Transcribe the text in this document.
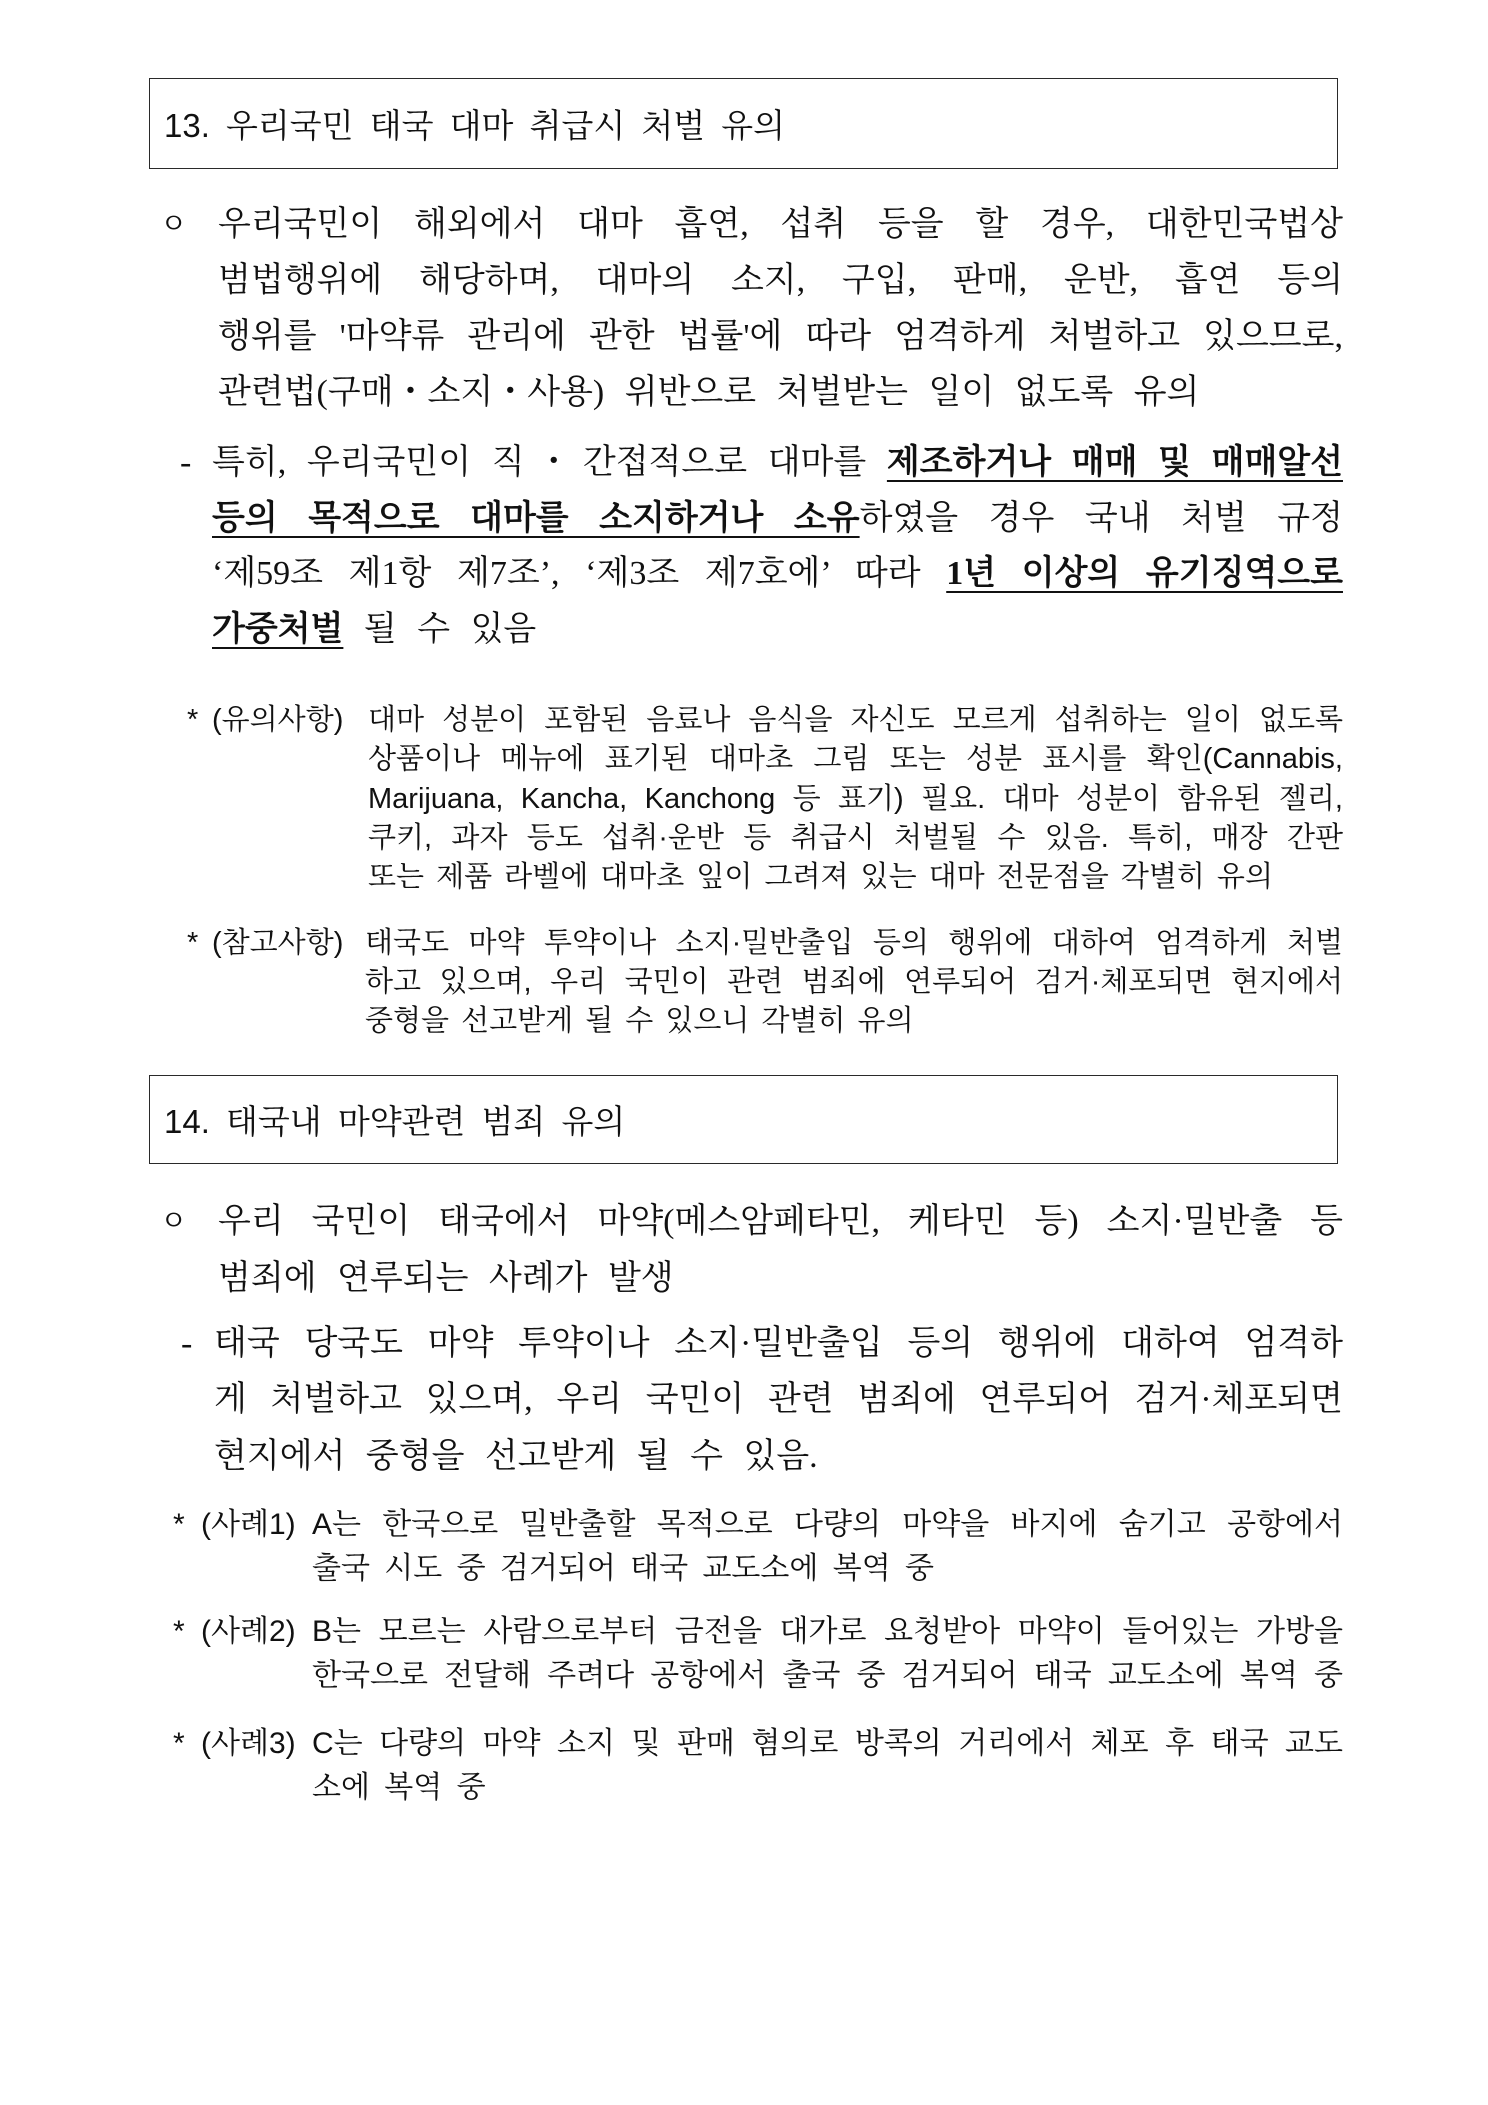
13. 우리국민 태국 대마 취급시 처벌 유의
ㅇ 우리국민이 해외에서 대마 흡연, 섭취 등을 할 경우, 대한민국법상
범법행위에 해당하며, 대마의 소지, 구입, 판매, 운반, 흡연 등의
행위를 '마약류 관리에 관한 법률'에 따라 엄격하게 처벌하고 있으므로,
관련법(구매・소지・사용) 위반으로 처벌받는 일이 없도록 유의
- 특히, 우리국민이 직・간접적으로 대마를 제조하거나 매매 및 매매알선
등의 목적으로 대마를 소지하거나 소유하였을 경우 국내 처벌 규정
‘제59조 제1항 제7조’, ‘제3조 제7호에’ 따라 1년 이상의 유기징역으로
가중처벌 될 수 있음
* (유의사항) 대마 성분이 포함된 음료나 음식을 자신도 모르게 섭취하는 일이 없도록
상품이나 메뉴에 표기된 대마초 그림 또는 성분 표시를 확인(Cannabis,
Marijuana, Kancha, Kanchong 등 표기) 필요. 대마 성분이 함유된 젤리,
쿠키, 과자 등도 섭취·운반 등 취급시 처벌될 수 있음. 특히, 매장 간판
또는 제품 라벨에 대마초 잎이 그려져 있는 대마 전문점을 각별히 유의
* (참고사항) 태국도 마약 투약이나 소지·밀반출입 등의 행위에 대하여 엄격하게 처벌
하고 있으며, 우리 국민이 관련 범죄에 연루되어 검거·체포되면 현지에서
중형을 선고받게 될 수 있으니 각별히 유의
14. 태국내 마약관련 범죄 유의
ㅇ 우리 국민이 태국에서 마약(메스암페타민, 케타민 등) 소지·밀반출 등
범죄에 연루되는 사례가 발생
- 태국 당국도 마약 투약이나 소지·밀반출입 등의 행위에 대하여 엄격하
게 처벌하고 있으며, 우리 국민이 관련 범죄에 연루되어 검거·체포되면
현지에서 중형을 선고받게 될 수 있음.
* (사례1) A는 한국으로 밀반출할 목적으로 다량의 마약을 바지에 숨기고 공항에서
출국 시도 중 검거되어 태국 교도소에 복역 중
* (사례2) B는 모르는 사람으로부터 금전을 대가로 요청받아 마약이 들어있는 가방을
한국으로 전달해 주려다 공항에서 출국 중 검거되어 태국 교도소에 복역 중
* (사례3) C는 다량의 마약 소지 및 판매 혐의로 방콕의 거리에서 체포 후 태국 교도
소에 복역 중
